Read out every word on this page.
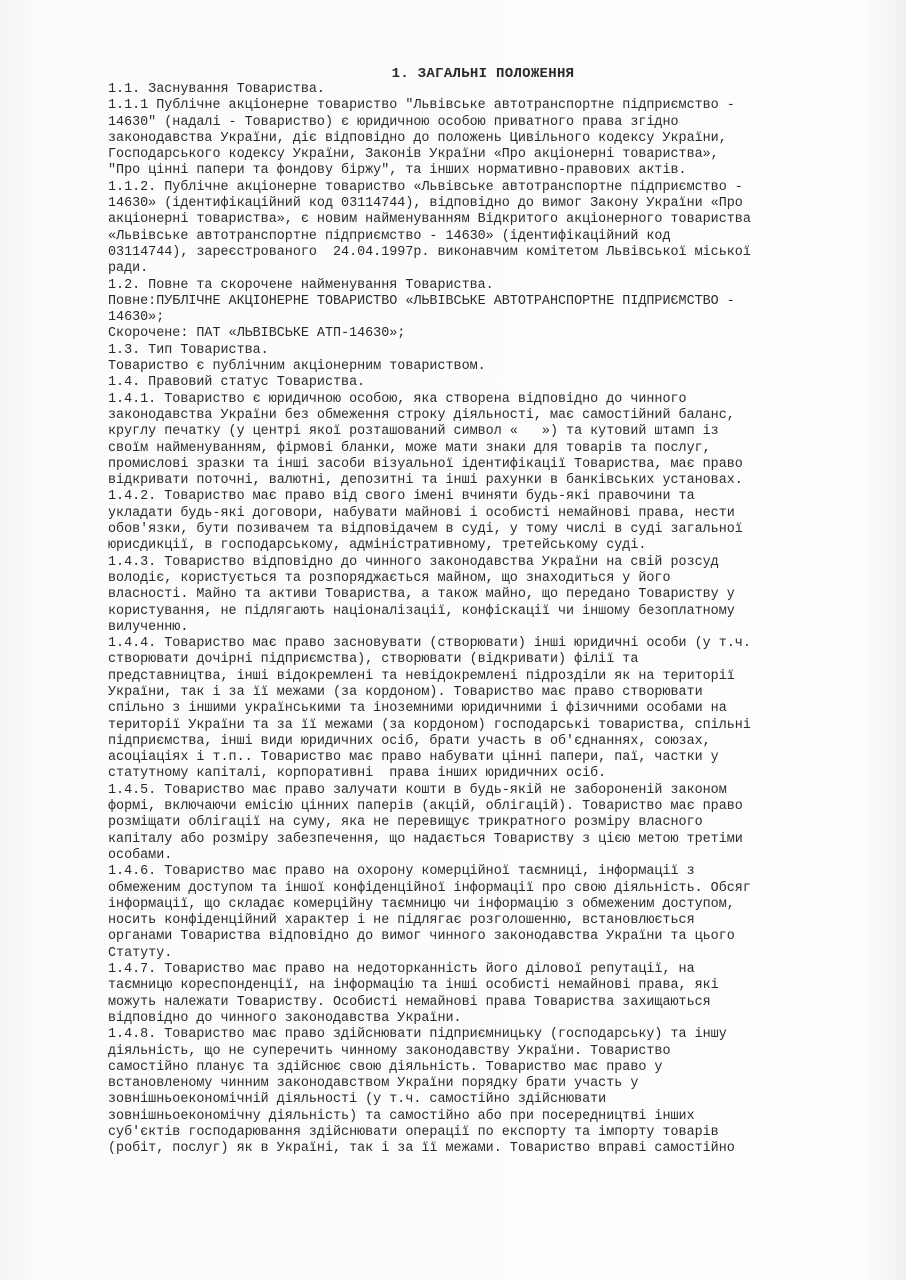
1. ЗАГАЛЬНІ ПОЛОЖЕННЯ
1.1. Заснування Товариства.
1.1.1 Публічне акціонерне товариство "Львівське автотранспортне підприємство -
14630" (надалі - Товариство) є юридичною особою приватного права згідно
законодавства України, діє відповідно до положень Цивільного кодексу України,
Господарського кодексу України, Законів України «Про акціонерні товариства»,
"Про цінні папери та фондову біржу", та інших нормативно-правових актів.
1.1.2. Публічне акціонерне товариство «Львівське автотранспортне підприємство -
14630» (ідентифікаційний код 03114744), відповідно до вимог Закону України «Про
акціонерні товариства», є новим найменуванням Відкритого акціонерного товариства
«Львівське автотранспортне підприємство - 14630» (ідентифікаційний код
03114744), зареєстрованого  24.04.1997р. виконавчим комітетом Львівської міської
ради.
1.2. Повне та скорочене найменування Товариства.
Повне:ПУБЛІЧНЕ АКЦІОНЕРНЕ ТОВАРИСТВО «ЛЬВІВСЬКЕ АВТОТРАНСПОРТНЕ ПІДПРИЄМСТВО -
14630»;
Скорочене: ПАТ «ЛЬВІВСЬКЕ АТП-14630»;
1.3. Тип Товариства.
Товариство є публічним акціонерним товариством.
1.4. Правовий статус Товариства.
1.4.1. Товариство є юридичною особою, яка створена відповідно до чинного
законодавства України без обмеження строку діяльності, має самостійний баланс,
круглу печатку (у центрі якої розташований символ «   ») та кутовий штамп із
своїм найменуванням, фірмові бланки, може мати знаки для товарів та послуг,
промислові зразки та інші засоби візуальної ідентифікації Товариства, має право
відкривати поточні, валютні, депозитні та інші рахунки в банківських установах.
1.4.2. Товариство має право від свого імені вчиняти будь-які правочини та
укладати будь-які договори, набувати майнові і особисті немайнові права, нести
обов'язки, бути позивачем та відповідачем в суді, у тому числі в суді загальної
юрисдикції, в господарському, адміністративному, третейському суді.
1.4.3. Товариство відповідно до чинного законодавства України на свій розсуд
володіє, користується та розпоряджається майном, що знаходиться у його
власності. Майно та активи Товариства, а також майно, що передано Товариству у
користування, не підлягають націоналізації, конфіскації чи іншому безоплатному
вилученню.
1.4.4. Товариство має право засновувати (створювати) інші юридичні особи (у т.ч.
створювати дочірні підприємства), створювати (відкривати) філії та
представництва, інші відокремлені та невідокремлені підрозділи як на території
України, так і за її межами (за кордоном). Товариство має право створювати
спільно з іншими українськими та іноземними юридичними і фізичними особами на
території України та за її межами (за кордоном) господарські товариства, спільні
підприємства, інші види юридичних осіб, брати участь в об'єднаннях, союзах,
асоціаціях і т.п.. Товариство має право набувати цінні папери, паї, частки у
статутному капіталі, корпоративні  права інших юридичних осіб.
1.4.5. Товариство має право залучати кошти в будь-якій не забороненій законом
формі, включаючи емісію цінних паперів (акцій, облігацій). Товариство має право
розміщати облігації на суму, яка не перевищує трикратного розміру власного
капіталу або розміру забезпечення, що надається Товариству з цією метою третіми
особами.
1.4.6. Товариство має право на охорону комерційної таємниці, інформації з
обмеженим доступом та іншої конфіденційної інформації про свою діяльність. Обсяг
інформації, що складає комерційну таємницю чи інформацію з обмеженим доступом,
носить конфіденційний характер і не підлягає розголошенню, встановлюється
органами Товариства відповідно до вимог чинного законодавства України та цього
Статуту.
1.4.7. Товариство має право на недоторканність його ділової репутації, на
таємницю кореспонденції, на інформацію та інші особисті немайнові права, які
можуть належати Товариству. Особисті немайнові права Товариства захищаються
відповідно до чинного законодавства України.
1.4.8. Товариство має право здійснювати підприємницьку (господарську) та іншу
діяльність, що не суперечить чинному законодавству України. Товариство
самостійно планує та здійснює свою діяльність. Товариство має право у
встановленому чинним законодавством України порядку брати участь у
зовнішньоекономічній діяльності (у т.ч. самостійно здійснювати
зовнішньоекономічну діяльність) та самостійно або при посередництві інших
суб'єктів господарювання здійснювати операції по експорту та імпорту товарів
(робіт, послуг) як в Україні, так і за її межами. Товариство вправі самостійно
